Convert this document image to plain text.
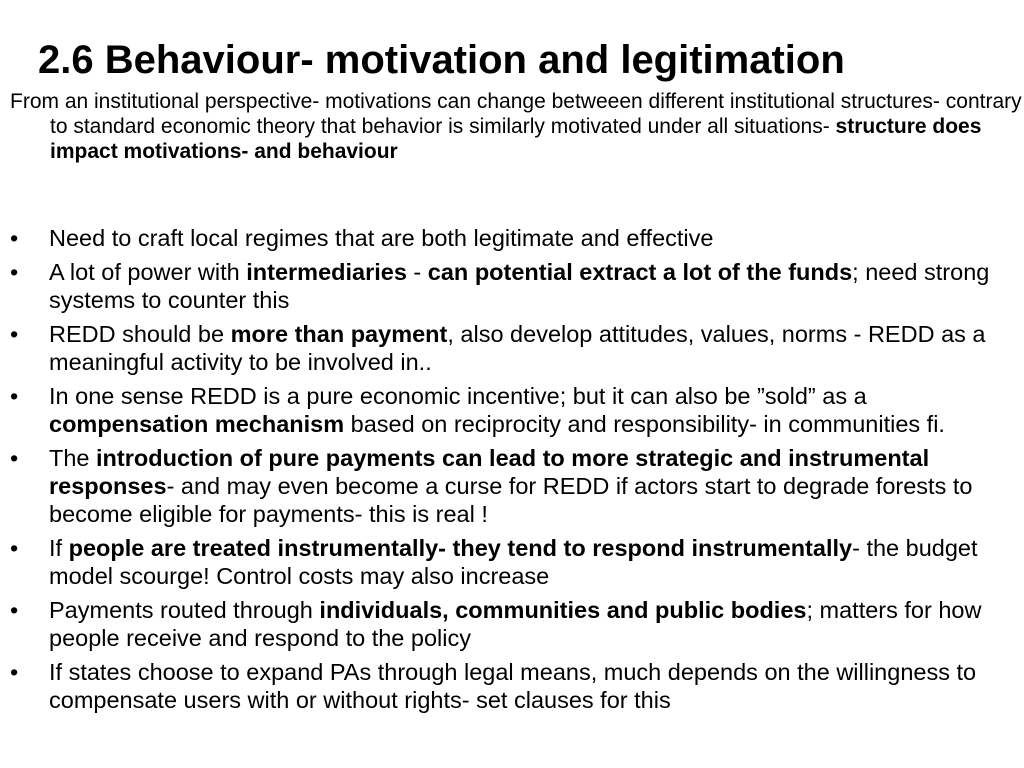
2.6 Behaviour- motivation and legitimation

From an institutional perspective- motivations can change betweeen different institutional structures- contrary to standard economic theory that behavior is similarly motivated under all situations- structure does impact motivations- and behaviour

• Need to craft local regimes that are both legitimate and effective
• A lot of power with intermediaries - can potential extract a lot of the funds; need strong systems to counter this
• REDD should be more than payment, also develop attitudes, values, norms - REDD as a meaningful activity to be involved in..
• In one sense REDD is a pure economic incentive; but it can also be ”sold” as a compensation mechanism based on reciprocity and responsibility- in communities fi.
• The introduction of pure payments can lead to more strategic and instrumental responses- and may even become a curse for REDD if actors start to degrade forests to become eligible for payments- this is real !
• If people are treated instrumentally- they tend to respond instrumentally- the budget model scourge! Control costs may also increase
• Payments routed through individuals, communities and public bodies; matters for how people receive and respond to the policy
• If states choose to expand PAs through legal means, much depends on the willingness to compensate users with or without rights- set clauses for this
